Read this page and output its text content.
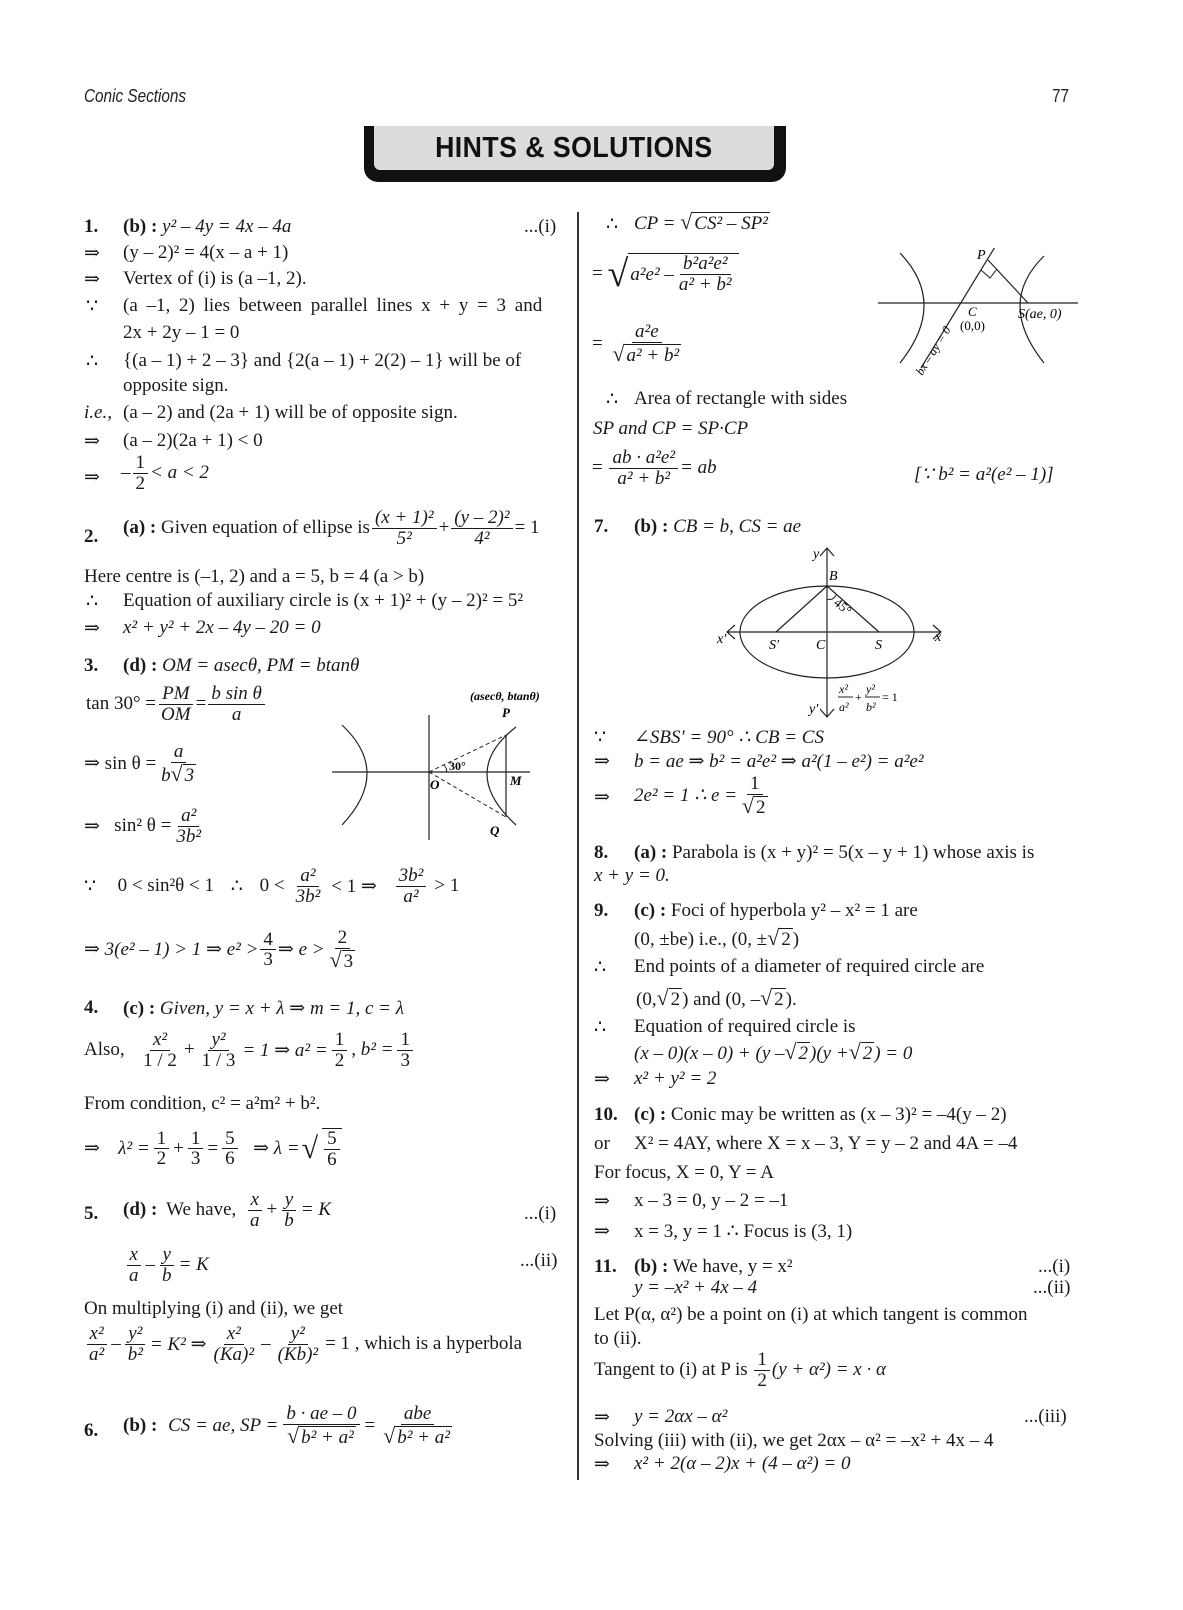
Conic Sections	77
HINTS & SOLUTIONS
1. (b) : y² – 4y = 4x – 4a	...(i)
⇒ (y – 2)² = 4(x – a + 1)
⇒ Vertex of (i) is (a –1, 2).
∵ (a –1, 2) lies between parallel lines x + y = 3 and
2x + 2y – 1 = 0
∴ {(a – 1) + 2 – 3} and {2(a – 1) + 2(2) – 1} will be of
opposite sign.
i.e., (a – 2) and (2a + 1) will be of opposite sign.
⇒ (a – 2)(2a + 1) < 0
⇒ – $\frac{1}{2} < a < 2$
2. (a) :
Given equation of ellipse is $\frac{\text{(x + 1)²}}{\text{5²}} + \frac{\text{(y – 2)²}}{\text{4²}} = 1$
Here centre is (–1, 2) and a = 5, b = 4 (a > b)
∴ Equation of auxiliary circle is (x + 1)² + (y – 2)² = 5²
⇒ x² + y² + 2x – 4y – 20 = 0
3. (d) : OM = asecθ, PM = btanθ
$\tan 30^\circ = \frac{PM}{OM} = \frac{\text{b sin θ}}{a}$
⇒ $\sin \theta = \frac{a}{b√ 3}$
⇒
sin² $\theta = \frac{\text{a²}}{\text{3b²}}$
∵
0 < sin²θ < 1
∴
$0 < \frac{\text{a²}}{\text{3b²}} < 1$ ⇒
$\frac{\text{3b²}}{\text{a²}} > 1$
⇒ 3(e² – 1) > 1 ⇒ $e^2 > \frac{4}{3}$ ⇒ $e > \frac{2}{√ 3}$
(asecθ, btanθ)
P
30°
O	M
Q
4. (c) : Given, y = x + λ ⇒ m = 1, c = λ
Also,
$\frac{\text{x²}}{1 / 2} + \frac{\text{y²}}{1 / 3} = 1$ ⇒ $a^2 = \frac{1}{2}$ , $b^2 = \frac{1}{3}$
From condition, c² = a²m² + b².
⇒
$\lambda^2 = \frac{1}{2} + \frac{1}{3} = \frac{5}{6}$
⇒ λ = √ $\frac{5}{6}$
5. (d) :
We have,
$\frac{x}{a} + \frac{y}{b} = K$	...(i)
$\frac{x}{a} - \frac{y}{b} = K$	...(ii)
On multiplying (i) and (ii), we get
$\frac{\text{x²}}{\text{a²}} - \frac{\text{y²}}{\text{b²}} = K^2$ ⇒ $\frac{\text{x²}}{\text{(Ka)²}} - \frac{\text{y²}}{\text{(Kb)²}} = 1$ , which is a hyperbola
6. (b) :
CS = ae, SP = $\frac{b \cdot ae - 0}{\text{√ b² + a²}} = \frac{\text{abe}}{\text{√ b² + a²}}$
∴ CP = √ CS² – SP²
=
√ $a^2e^2 - \frac{\text{b²a²e²}}{\text{a² + b²}}$
=
$\frac{\text{a²e}}{\text{√ a² + b²}}$
∴ Area of rectangle with sides
SP and CP = SP·CP
=
$\frac{\text{ab · a²e²}}{\text{a² + b²}}$ = ab	[∵ b² = a²(e² – 1)]
P
C
(0,0)
S(ae, 0)
bx – ay = 0
7. (b) : CB = b, CS = ae
y
y′
x
x′
B
45°
S′	C	S
x²
a²
+
y²
b²
= 1
∵ ∠SBS′ = 90° ∴ CB = CS
⇒ b = ae ⇒ b² = a²e² ⇒ a²(1 – e²) = a²e²
⇒ 2e² = 1 ∴ $e = \frac{1}{√ 2}$
8. (a) : Parabola is (x + y)² = 5(x – y + 1) whose axis is
x + y = 0.
9. (c) : Foci of hyperbola y² – x² = 1 are
(0, ±be) i.e., (0, ±√ 2 )
∴ End points of a diameter of required circle are
(0,√ 2 ) and (0, –√ 2 ).
∴ Equation of required circle is
(x – 0)(x – 0) + (y –√ 2 )(y +√ 2 ) = 0
⇒ x² + y² = 2
10. (c) : Conic may be written as (x – 3)² = –4(y – 2)
or X² = 4AY, where X = x – 3, Y = y – 2 and 4A = –4
For focus, X = 0, Y = A
⇒ x – 3 = 0, y – 2 = –1
⇒ x = 3, y = 1 ∴ Focus is (3, 1)
11. (b) : We have, y = x²	...(i)
y = –x² + 4x – 4	...(ii)
Let P(α, α²) be a point on (i) at which tangent is common
to (ii).
Tangent to (i) at P is
$\frac{1}{2} (y + \alpha^2) = x \cdot \alpha$
⇒ y = 2αx – α²	...(iii)
Solving (iii) with (ii), we get 2αx – α² = –x² + 4x – 4
⇒ x² + 2(α – 2)x + (4 – α²) = 0
